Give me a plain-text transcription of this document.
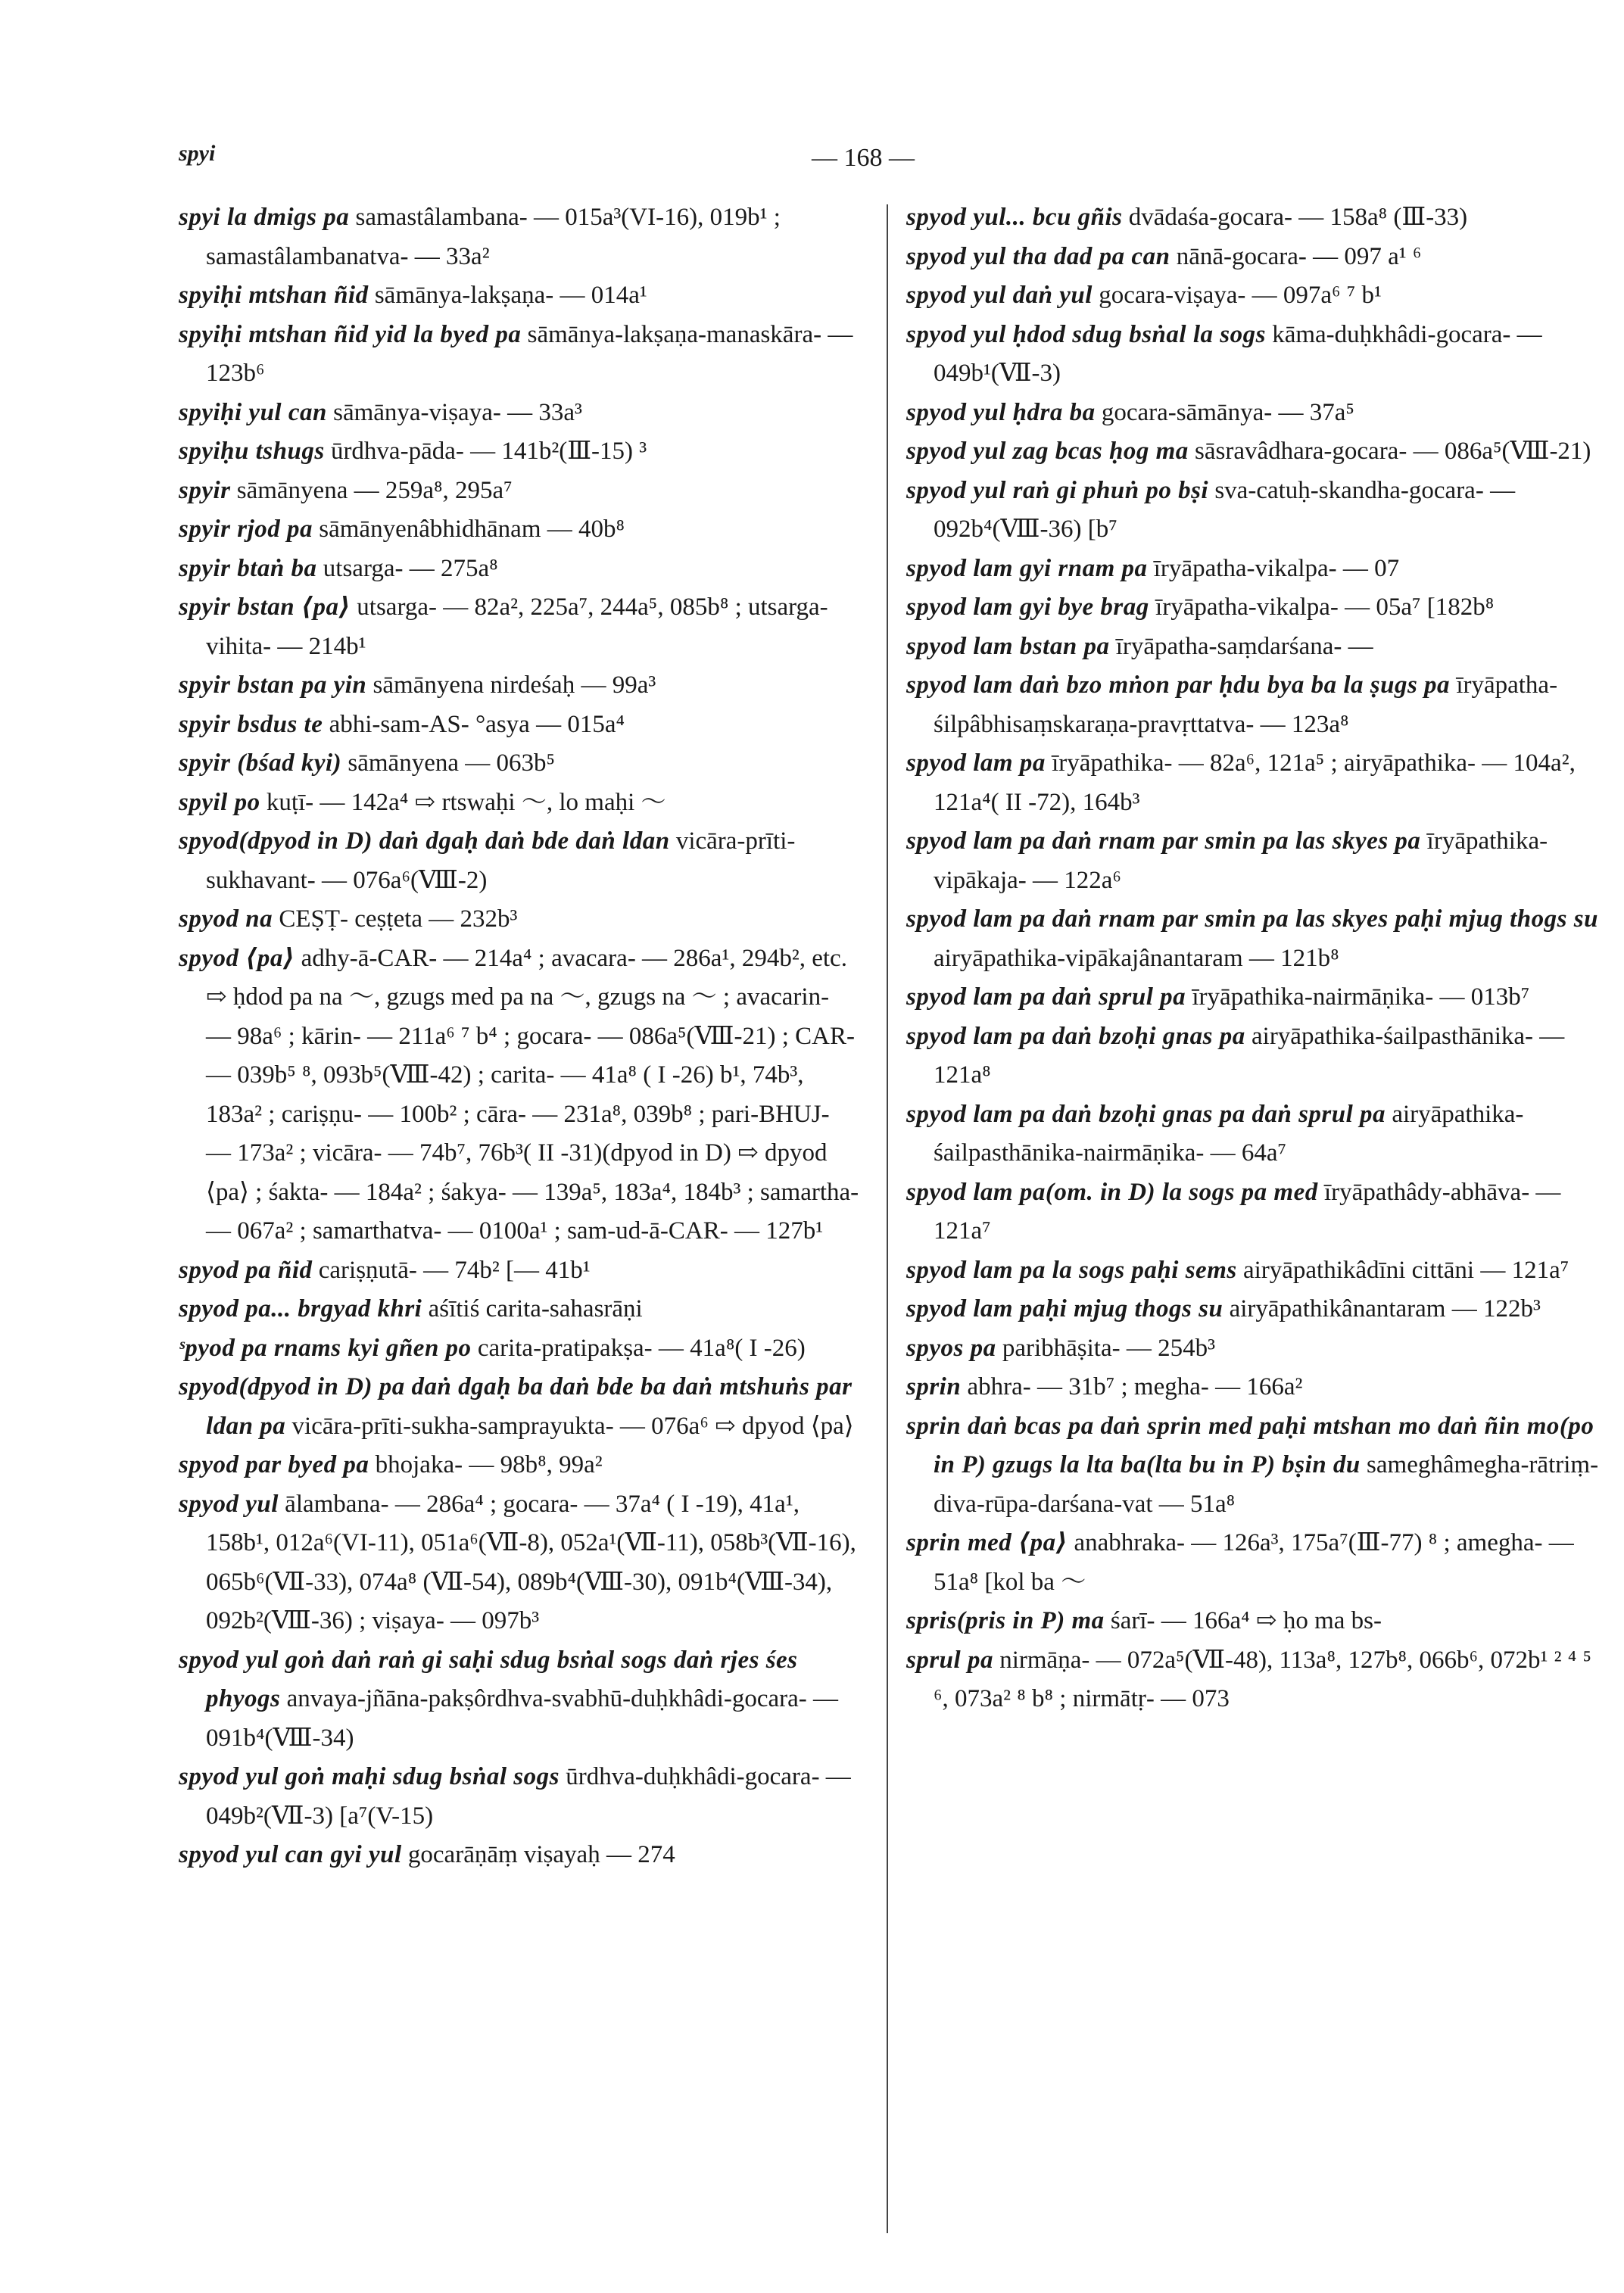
spyi	— 168 —

spyi la dmigs pa samastâlambana- — 015a³(VI-16), 019b¹ ; samastâlambanatva- — 33a²

spyiḥi mtshan ñid sāmānya-lakṣaṇa- — 014a¹

spyiḥi mtshan ñid yid la byed pa sāmānya-lakṣaṇa-manaskāra- — 123b⁶

spyiḥi yul can sāmānya-viṣaya- — 33a³

spyiḥu tshugs ūrdhva-pāda- — 141b²(Ⅲ-15) ³

spyir sāmānyena — 259a⁸, 295a⁷

spyir rjod pa sāmānyenâbhidhānam — 40b⁸

spyir btaṅ ba utsarga- — 275a⁸

spyir bstan ⟨pa⟩ utsarga- — 82a², 225a⁷, 244a⁵, 085b⁸ ; utsarga-vihita- — 214b¹

spyir bstan pa yin sāmānyena nirdeśaḥ — 99a³

spyir bsdus te abhi-sam-AS- °asya — 015a⁴

spyir (bśad kyi) sāmānyena — 063b⁵

spyil po kuṭī- — 142a⁴ ⇨ rtswaḥi ～, lo maḥi ～

spyod(dpyod in D) daṅ dgaḥ daṅ bde daṅ ldan vicāra-prīti-sukhavant- — 076a⁶(Ⅷ-2)

spyod na CEṢṬ- ceṣṭeta — 232b³

spyod ⟨pa⟩ adhy-ā-CAR- — 214a⁴ ; avacara- — 286a¹, 294b², etc. ⇨ ḥdod pa na ～, gzugs med pa na ～, gzugs na ～ ; avacarin- — 98a⁶ ; kārin- — 211a⁶ ⁷ b⁴ ; gocara- — 086a⁵(Ⅷ-21) ; CAR- — 039b⁵ ⁸, 093b⁵(Ⅷ-42) ; carita- — 41a⁸ ( I -26) b¹, 74b³, 183a² ; cariṣṇu- — 100b² ; cāra- — 231a⁸, 039b⁸ ; pari-BHUJ- — 173a² ; vicāra- — 74b⁷, 76b³( II -31)(dpyod in D) ⇨ dpyod ⟨pa⟩ ; śakta- — 184a² ; śakya- — 139a⁵, 183a⁴, 184b³ ; samartha- — 067a² ; samarthatva- — 0100a¹ ; sam-ud-ā-CAR- — 127b¹

spyod pa ñid cariṣṇutā- — 74b² [— 41b¹

spyod pa... brgyad khri aśītiś carita-sahasrāṇi

ˢpyod pa rnams kyi gñen po carita-pratipakṣa- — 41a⁸( I -26)

spyod(dpyod in D) pa daṅ dgaḥ ba daṅ bde ba daṅ mtshuṅs par ldan pa vicāra-prīti-sukha-samprayukta- — 076a⁶ ⇨ dpyod ⟨pa⟩

spyod par byed pa bhojaka- — 98b⁸, 99a²

spyod yul ālambana- — 286a⁴ ; gocara- — 37a⁴ ( I -19), 41a¹, 158b¹, 012a⁶(VI-11), 051a⁶(Ⅶ-8), 052a¹(Ⅶ-11), 058b³(Ⅶ-16), 065b⁶(Ⅶ-33), 074a⁸ (Ⅶ-54), 089b⁴(Ⅷ-30), 091b⁴(Ⅷ-34), 092b²(Ⅷ-36) ; viṣaya- — 097b³

spyod yul goṅ daṅ raṅ gi saḥi sdug bsṅal sogs daṅ rjes śes phyogs anvaya-jñāna-pakṣôrdhva-svabhū-duḥkhâdi-gocara- — 091b⁴(Ⅷ-34)

spyod yul goṅ maḥi sdug bsṅal sogs ūrdhva-duḥkhâdi-gocara- — 049b²(Ⅶ-3) [a⁷(V-15)

spyod yul can gyi yul gocarāṇāṃ viṣayaḥ — 274

spyod yul... bcu gñis dvādaśa-gocara- — 158a⁸ (Ⅲ-33)

spyod yul tha dad pa can nānā-gocara- — 097 a¹ ⁶

spyod yul daṅ yul gocara-viṣaya- — 097a⁶ ⁷ b¹

spyod yul ḥdod sdug bsṅal la sogs kāma-duḥkhâdi-gocara- — 049b¹(Ⅶ-3)

spyod yul ḥdra ba gocara-sāmānya- — 37a⁵

spyod yul zag bcas ḥog ma sāsravâdhara-gocara- — 086a⁵(Ⅷ-21)

spyod yul raṅ gi phuṅ po bṣi sva-catuḥ-skandha-gocara- — 092b⁴(Ⅷ-36) [b⁷

spyod lam gyi rnam pa īryāpatha-vikalpa- — 07

spyod lam gyi bye brag īryāpatha-vikalpa- — 05a⁷ [182b⁸

spyod lam bstan pa īryāpatha-saṃdarśana- —

spyod lam daṅ bzo mṅon par ḥdu bya ba la ṣugs pa īryāpatha-śilpâbhisaṃskaraṇa-pravṛttatva- — 123a⁸

spyod lam pa īryāpathika- — 82a⁶, 121a⁵ ; airyāpathika- — 104a², 121a⁴( II -72), 164b³

spyod lam pa daṅ rnam par smin pa las skyes pa īryāpathika-vipākaja- — 122a⁶

spyod lam pa daṅ rnam par smin pa las skyes paḥi mjug thogs su airyāpathika-vipākajânantaram — 121b⁸

spyod lam pa daṅ sprul pa īryāpathika-nairmāṇika- — 013b⁷

spyod lam pa daṅ bzoḥi gnas pa airyāpathika-śailpasthānika- — 121a⁸

spyod lam pa daṅ bzoḥi gnas pa daṅ sprul pa airyāpathika-śailpasthānika-nairmāṇika- — 64a⁷

spyod lam pa(om. in D) la sogs pa med īryāpathâdy-abhāva- — 121a⁷

spyod lam pa la sogs paḥi sems airyāpathikâdīni cittāni — 121a⁷

spyod lam paḥi mjug thogs su airyāpathikânantaram — 122b³

spyos pa paribhāṣita- — 254b³

sprin abhra- — 31b⁷ ; megha- — 166a²

sprin daṅ bcas pa daṅ sprin med paḥi mtshan mo daṅ ñin mo(po in P) gzugs la lta ba(lta bu in P) bṣin du sameghâmegha-rātriṃ-diva-rūpa-darśana-vat — 51a⁸

sprin med ⟨pa⟩ anabhraka- — 126a³, 175a⁷(Ⅲ-77) ⁸ ; amegha- — 51a⁸ [kol ba ～

spris(pris in P) ma śarī- — 166a⁴ ⇨ ḥo ma bs-

sprul pa nirmāṇa- — 072a⁵(Ⅶ-48), 113a⁸, 127b⁸, 066b⁶, 072b¹ ² ⁴ ⁵ ⁶, 073a² ⁸ b⁸ ; nirmātṛ- — 073
